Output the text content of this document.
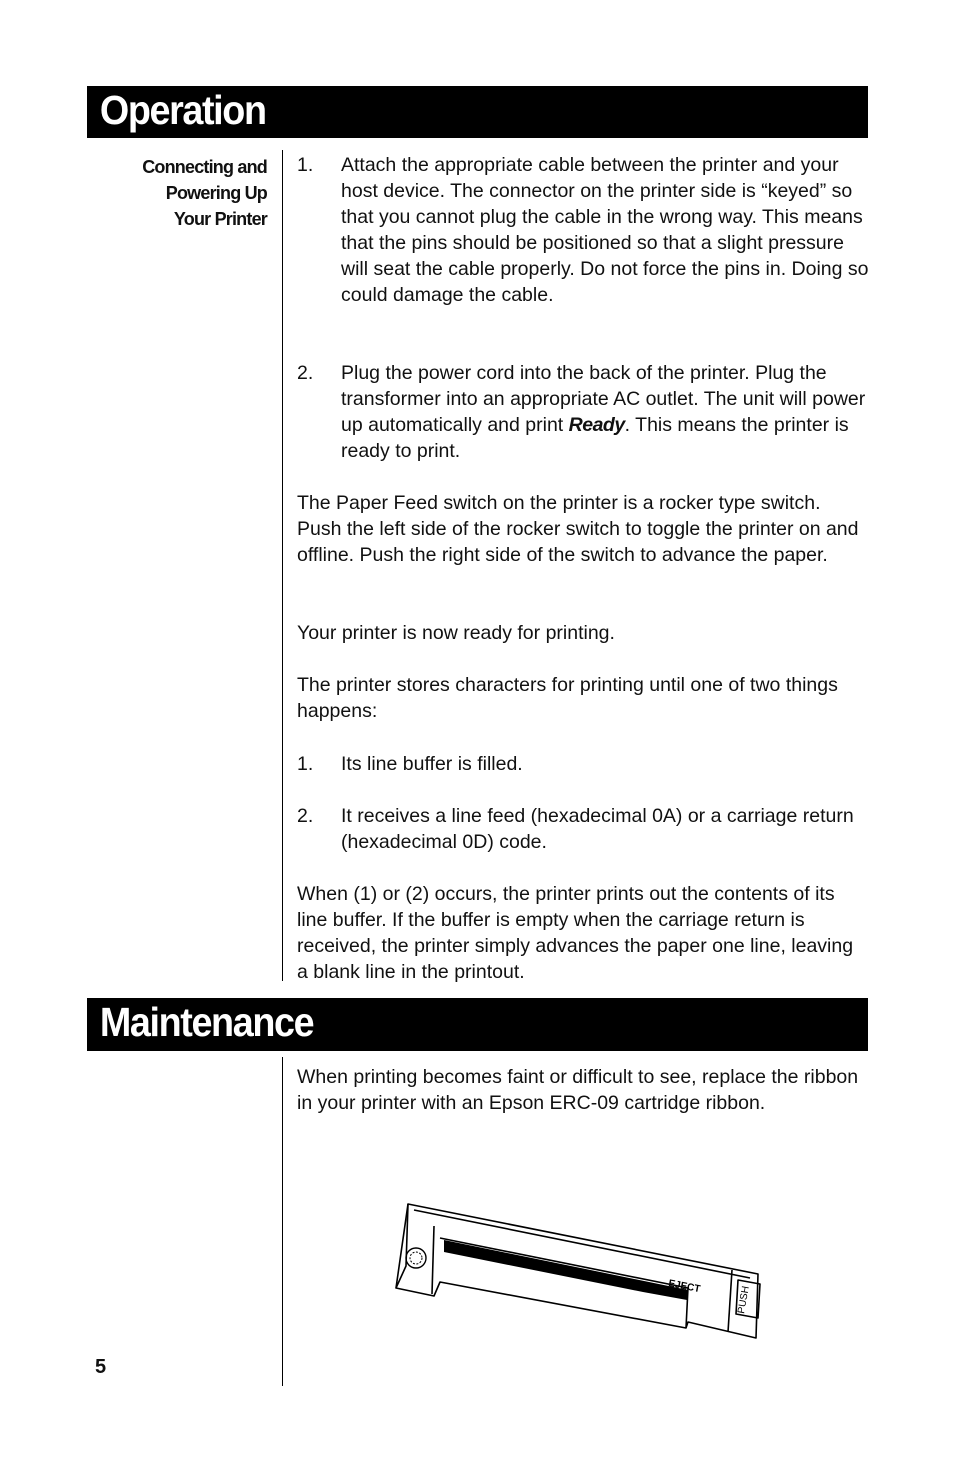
Operation
Connecting and
Powering Up
Your Printer
1. Attach the appropriate cable between the printer and your host device. The connector on the printer side is “keyed” so that you cannot plug the cable in the wrong way. This means that the pins should be positioned so that a slight pressure will seat the cable properly. Do not force the pins in. Doing so could damage the cable.

2. Plug the power cord into the back of the printer. Plug the transformer into an appropriate AC outlet. The unit will power up automatically and print Ready. This means the printer is ready to print.

The Paper Feed switch on the printer is a rocker type switch. Push the left side of the rocker switch to toggle the printer on and offline. Push the right side of the switch to advance the paper.

Your printer is now ready for printing.

The printer stores characters for printing until one of two things happens:

1. Its line buffer is filled.

2. It receives a line feed (hexadecimal 0A) or a carriage return (hexadecimal 0D) code.

When (1) or (2) occurs, the printer prints out the contents of its line buffer. If the buffer is empty when the carriage return is received, the printer simply advances the paper one line, leaving a blank line in the printout.

Maintenance

When printing becomes faint or difficult to see, replace the ribbon in your printer with an Epson ERC-09 cartridge ribbon.

EJECT	PUSH
5
